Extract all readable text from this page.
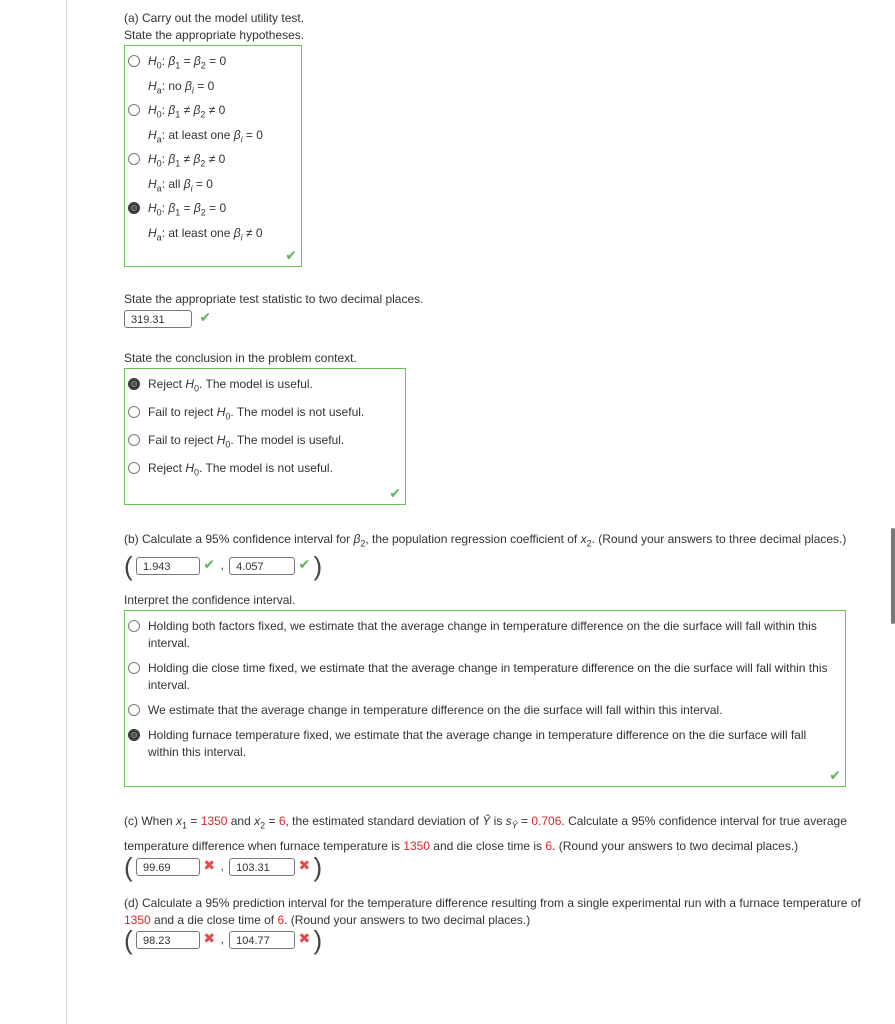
(a) Carry out the model utility test.

State the appropriate hypotheses.

$H_0$: $\beta_1 = \beta_2 = 0$

$H_a$: no $\beta_i = 0$

$H_0$: $\beta_1 \ne \beta_2 \ne 0$

$H_a$: at least one $\beta_i = 0$

$H_0$: $\beta_1 \ne \beta_2 \ne 0$

$H_a$: all $\beta_i = 0$

$H_0$: $\beta_1 = \beta_2 = 0$

$H_a$: at least one $\beta_i \ne 0$

✔

State the appropriate test statistic to two decimal places.

319.31 ✔

State the conclusion in the problem context.

Reject $H_0$. The model is useful.

Fail to reject $H_0$. The model is not useful.

Fail to reject $H_0$. The model is useful.

Reject $H_0$. The model is not useful.

✔

(b) Calculate a 95% confidence interval for $\beta_2$, the population regression coefficient of $x_2$. (Round your answers to three decimal places.)

( 1.943 ✔ , 4.057 ✔ )

Interpret the confidence interval.

Holding both factors fixed, we estimate that the average change in temperature difference on the die surface will fall within this interval.

Holding die close time fixed, we estimate that the average change in temperature difference on the die surface will fall within this interval.

We estimate that the average change in temperature difference on the die surface will fall within this interval.

Holding furnace temperature fixed, we estimate that the average change in temperature difference on the die surface will fall within this interval.

✔

(c) When $x_1 = 1350$ and $x_2 = 6$, the estimated standard deviation of Ŷ is $s_Ŷ = 0.706$. Calculate a 95% confidence interval for true average temperature difference when furnace temperature is 1350 and die close time is 6. (Round your answers to two decimal places.)

( 99.69 ✖ , 103.31 ✖ )

(d) Calculate a 95% prediction interval for the temperature difference resulting from a single experimental run with a furnace temperature of 1350 and a die close time of 6. (Round your answers to two decimal places.)

( 98.23 ✖ , 104.77 ✖ )
